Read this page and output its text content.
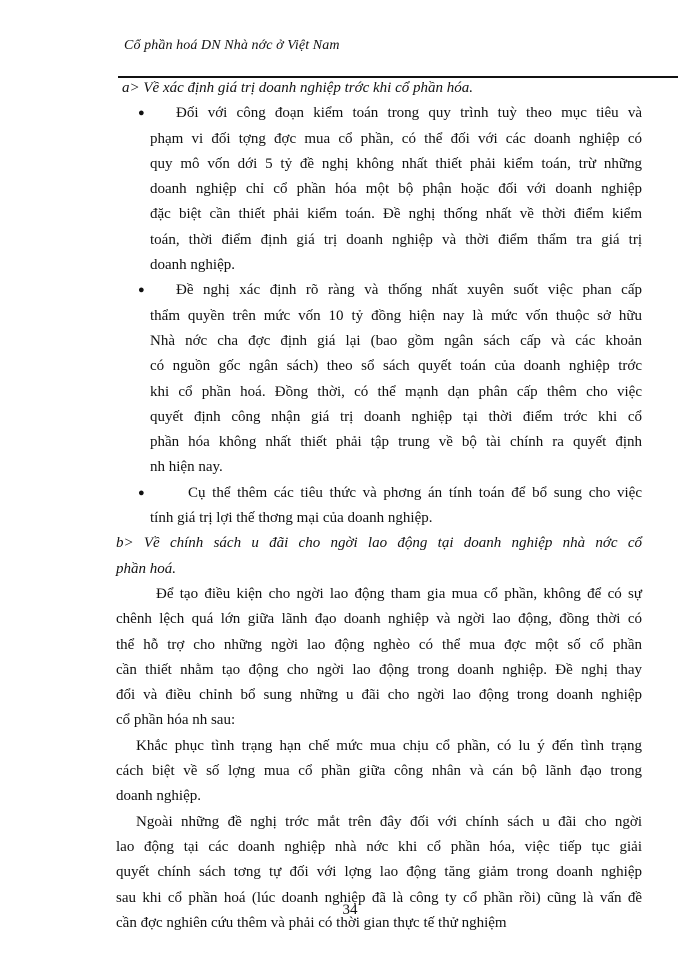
Cổ phần hoá DN Nhà nớc ở Việt Nam
a> Về xác định giá trị doanh nghiệp trớc khi cổ phần hóa.
●	Đối với công đoạn kiểm toán trong quy trình tuỳ theo mục tiêu và
phạm vi đối tợng đợc mua cổ phần, có thể đối với các doanh nghiệp có
quy mô vốn dới 5 tỷ đề nghị không nhất thiết phải kiểm toán, trừ những
doanh nghiệp chỉ cổ phần hóa một bộ phận hoặc đối với doanh nghiệp
đặc biệt cần thiết phải kiểm toán. Đề nghị thống nhất về thời điểm kiểm
toán, thời điểm định giá trị doanh nghiệp và thời điểm thẩm tra giá trị
doanh nghiệp.
●	Đề nghị xác định rõ ràng và thống nhất xuyên suốt việc phan cấp
thẩm quyền trên mức vốn 10 tỷ đồng hiện nay là mức vốn thuộc sở hữu
Nhà nớc cha đợc định giá lại (bao gồm ngân sách cấp và các khoản
có nguồn gốc ngân sách) theo sổ sách quyết toán của doanh nghiệp trớc
khi cổ phần hoá. Đồng thời, có thể mạnh dạn phân cấp thêm cho việc
quyết định công nhận giá trị doanh nghiệp tại thời điểm trớc khi cổ
phần hóa không nhất thiết phải tập trung về bộ tài chính ra quyết định
nh hiện nay.
●	Cụ thể thêm các tiêu thức và phơng án tính toán để bổ sung cho việc
tính giá trị lợi thế thơng mại của doanh nghiệp.
b> Về chính sách u đãi cho ngời lao động tại doanh nghiệp nhà nớc cổ
phần hoá.
Để tạo điều kiện cho ngời lao động tham gia mua cổ phần, không để có sự
chênh lệch quá lớn giữa lãnh đạo doanh nghiệp và ngời lao động, đồng thời có
thể hỗ trợ cho những ngời lao động nghèo có thể mua đợc một số cổ phần
cần thiết nhằm tạo động cho ngời lao động trong doanh nghiệp. Đề nghị thay
đổi và điều chỉnh bổ sung những u đãi cho ngời lao động trong doanh nghiệp
cổ phần hóa nh sau:
Khắc phục tình trạng hạn chế mức mua chịu cổ phần, có lu ý đến tình trạng
cách biệt về số lợng mua cổ phần giữa công nhân và cán bộ lãnh đạo trong
doanh nghiệp.
Ngoài những đề nghị trớc mắt trên đây đối với chính sách u đãi cho ngời
lao động tại các doanh nghiệp nhà nớc khi cổ phần hóa, việc tiếp tục giải
quyết chính sách tơng tự đối với lợng lao động tăng giảm trong doanh nghiệp
sau khi cổ phần hoá (lúc doanh nghiệp đã là công ty cổ phần rồi) cũng là vấn đề
cần đợc nghiên cứu thêm và phải có thời gian thực tế thử nghiệm
34
